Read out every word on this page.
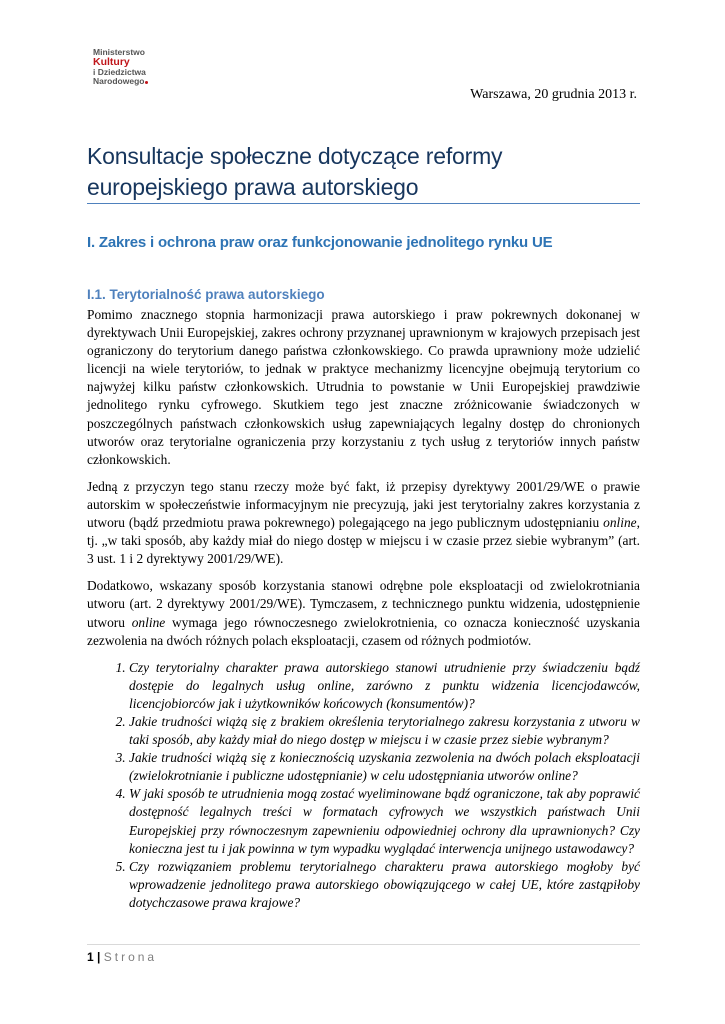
Ministerstwo
Kultury
i Dziedzictwa
Narodowego
Warszawa, 20 grudnia 2013 r.
Konsultacje społeczne dotyczące reformy europejskiego prawa autorskiego
I. Zakres i ochrona praw oraz funkcjonowanie jednolitego rynku UE
I.1. Terytorialność prawa autorskiego

Pomimo znacznego stopnia harmonizacji prawa autorskiego i praw pokrewnych dokonanej w dyrektywach Unii Europejskiej, zakres ochrony przyznanej uprawnionym w krajowych przepisach jest ograniczony do terytorium danego państwa członkowskiego. Co prawda uprawniony może udzielić licencji na wiele terytoriów, to jednak w praktyce mechanizmy licencyjne obejmują terytorium co najwyżej kilku państw członkowskich. Utrudnia to powstanie w Unii Europejskiej prawdziwie jednolitego rynku cyfrowego. Skutkiem tego jest znaczne zróżnicowanie świadczonych w poszczególnych państwach członkowskich usług zapewniających legalny dostęp do chronionych utworów oraz terytorialne ograniczenia przy korzystaniu z tych usług z terytoriów innych państw członkowskich.

Jedną z przyczyn tego stanu rzeczy może być fakt, iż przepisy dyrektywy 2001/29/WE o prawie autorskim w społeczeństwie informacyjnym nie precyzują, jaki jest terytorialny zakres korzystania z utworu (bądź przedmiotu prawa pokrewnego) polegającego na jego publicznym udostępnianiu online, tj. „w taki sposób, aby każdy miał do niego dostęp w miejscu i w czasie przez siebie wybranym” (art. 3 ust. 1 i 2 dyrektywy 2001/29/WE).

Dodatkowo, wskazany sposób korzystania stanowi odrębne pole eksploatacji od zwielokrotniania utworu (art. 2 dyrektywy 2001/29/WE). Tymczasem, z technicznego punktu widzenia, udostępnienie utworu online wymaga jego równoczesnego zwielokrotnienia, co oznacza konieczność uzyskania zezwolenia na dwóch różnych polach eksploatacji, czasem od różnych podmiotów.

1. Czy terytorialny charakter prawa autorskiego stanowi utrudnienie przy świadczeniu bądź dostępie do legalnych usług online, zarówno z punktu widzenia licencjodawców, licencjobiorców jak i użytkowników końcowych (konsumentów)?
2. Jakie trudności wiążą się z brakiem określenia terytorialnego zakresu korzystania z utworu w taki sposób, aby każdy miał do niego dostęp w miejscu i w czasie przez siebie wybranym?
3. Jakie trudności wiążą się z koniecznością uzyskania zezwolenia na dwóch polach eksploatacji (zwielokrotnianie i publiczne udostępnianie) w celu udostępniania utworów online?
4. W jaki sposób te utrudnienia mogą zostać wyeliminowane bądź ograniczone, tak aby poprawić dostępność legalnych treści w formatach cyfrowych we wszystkich państwach Unii Europejskiej przy równoczesnym zapewnieniu odpowiedniej ochrony dla uprawnionych? Czy konieczna jest tu i jak powinna w tym wypadku wyglądać interwencja unijnego ustawodawcy?
5. Czy rozwiązaniem problemu terytorialnego charakteru prawa autorskiego mogłoby być wprowadzenie jednolitego prawa autorskiego obowiązującego w całej UE, które zastąpiłoby dotychczasowe prawa krajowe?
1 | Strona
